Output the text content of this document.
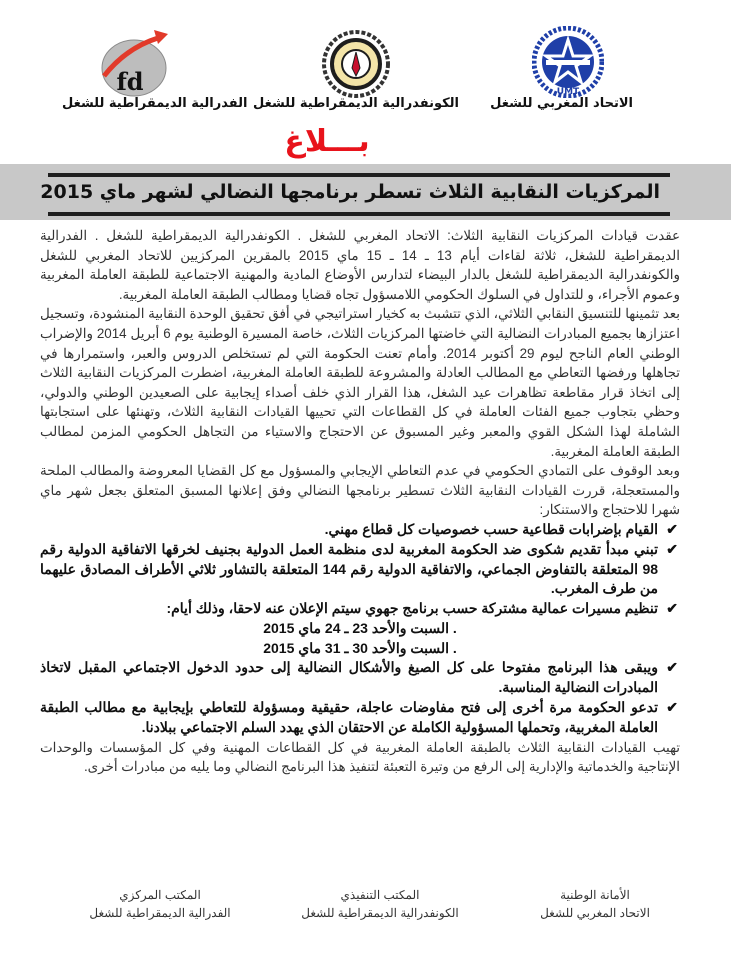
UMT
الاتحاد المغربي للشغل
الكونفدرالية الديمقراطية للشغل
fd
الفدرالية الديمقراطية للشغل
بـــلاغ
المركزيات النقابية الثلاث تسطر برنامجها النضالي لشهر ماي 2015

عقدت قيادات المركزيات النقابية الثلاث: الاتحاد المغربي للشغل . الكونفدرالية الديمقراطية للشغل . الفدرالية الديمقراطية للشغل، ثلاثة لقاءات أيام 13 ـ 14 ـ 15 ماي 2015 بالمقرين المركزيين للاتحاد المغربي للشغل والكونفدرالية الديمقراطية للشغل بالدار البيضاء لتدارس الأوضاع المادية والمهنية الاجتماعية للطبقة العاملة المغربية وعموم الأجراء، و للتداول في السلوك الحكومي اللامسؤول تجاه قضايا ومطالب الطبقة العاملة المغربية.

بعد تثمينها للتنسيق النقابي الثلاثي، الذي تتشبث به كخيار استراتيجي في أفق تحقيق الوحدة النقابية المنشودة، وتسجيل اعتزازها بجميع المبادرات النضالية التي خاضتها المركزيات الثلاث، خاصة المسيرة الوطنية يوم 6 أبريل 2014 والإضراب الوطني العام الناجح ليوم 29 أكتوبر 2014. وأمام تعنت الحكومة التي لم تستخلص الدروس والعبر، واستمرارها في تجاهلها ورفضها التعاطي مع المطالب العادلة والمشروعة للطبقة العاملة المغربية، اضطرت المركزيات النقابية الثلاث إلى اتخاذ قرار مقاطعة تظاهرات عيد الشغل، هذا القرار الذي خلف أصداء إيجابية على الصعيدين الوطني والدولي، وحظي بتجاوب جميع الفئات العاملة في كل القطاعات التي تحييها القيادات النقابية الثلاث، وتهنئها على استجابتها الشاملة لهذا الشكل القوي والمعبر وغير المسبوق عن الاحتجاج والاستياء من التجاهل الحكومي المزمن لمطالب الطبقة العاملة المغربية.

وبعد الوقوف على التمادي الحكومي في عدم التعاطي الإيجابي والمسؤول مع كل القضايا المعروضة والمطالب الملحة والمستعجلة، قررت القيادات النقابية الثلاث تسطير برنامجها النضالي وفق إعلانها المسبق المتعلق بجعل شهر ماي شهرا للاحتجاج والاستنكار:

✔
القيام بإضرابات قطاعية حسب خصوصيات كل قطاع مهني.
✔
تبني مبدأ تقديم شكوى ضد الحكومة المغربية لدى منظمة العمل الدولية بجنيف لخرقها الاتفاقية الدولية رقم 98 المتعلقة بالتفاوض الجماعي، والاتفاقية الدولية رقم 144 المتعلقة بالتشاور ثلاثي الأطراف المصادق عليهما من طرف المغرب.
✔
تنظيم مسيرات عمالية مشتركة حسب برنامج جهوي سيتم الإعلان عنه لاحقا، وذلك أيام:
. السبت والأحد 23 ـ 24 ماي 2015
. السبت والأحد 30 ـ 31 ماي 2015
✔
ويبقى هذا البرنامج مفتوحا على كل الصيغ والأشكال النضالية إلى حدود الدخول الاجتماعي المقبل لاتخاذ المبادرات النضالية المناسبة.
✔
تدعو الحكومة مرة أخرى إلى فتح مفاوضات عاجلة، حقيقية ومسؤولة للتعاطي بإيجابية مع مطالب الطبقة العاملة المغربية، وتحملها المسؤولية الكاملة عن الاحتقان الذي يهدد السلم الاجتماعي ببلادنا.

تهيب القيادات النقابية الثلاث بالطبقة العاملة المغربية في كل القطاعات المهنية وفي كل المؤسسات والوحدات الإنتاجية والخدماتية والإدارية إلى الرفع من وتيرة التعبئة لتنفيذ هذا البرنامج النضالي وما يليه من مبادرات أخرى.

الأمانة الوطنية
الاتحاد المغربي للشغل
المكتب التنفيذي
الكونفدرالية الديمقراطية للشغل
المكتب المركزي
الفدرالية الديمقراطية للشغل
